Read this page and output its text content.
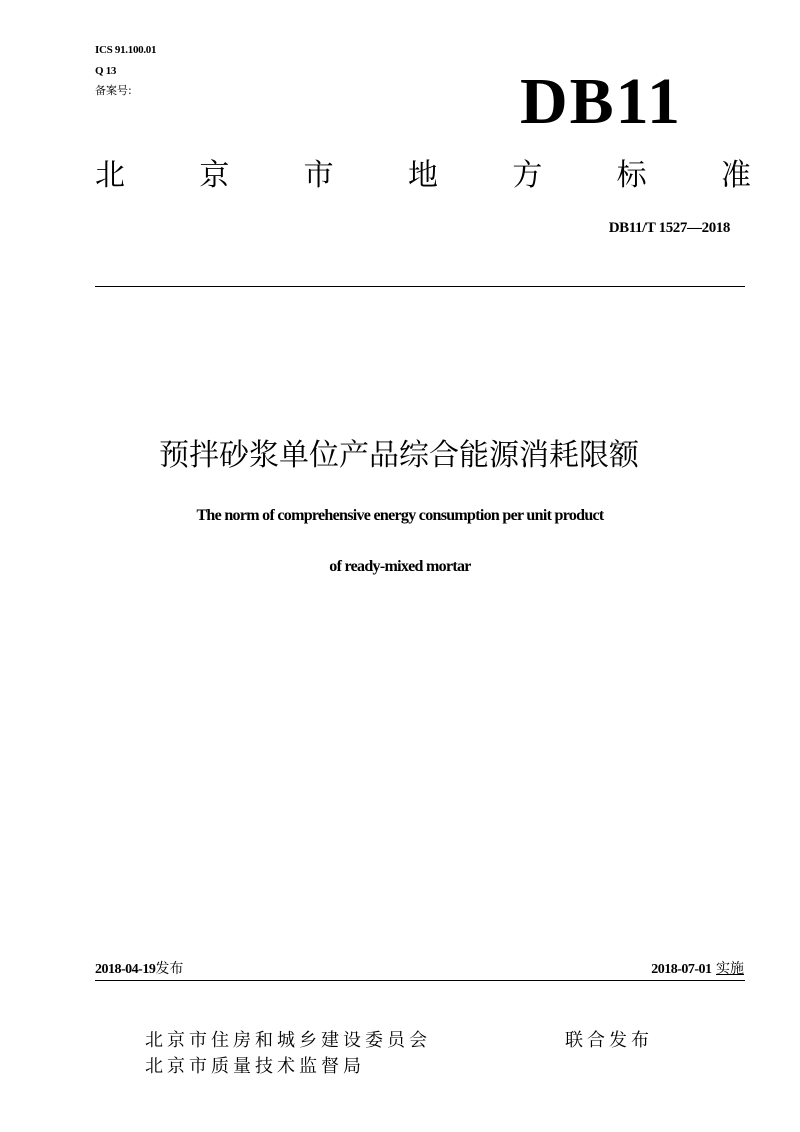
ICS 91.100.01
Q 13
备案号:	DB11
北 京 市 地 方 标 准
DB11/T 1527—2018
预拌砂浆单位产品综合能源消耗限额
The norm of comprehensive energy consumption per unit product
of ready-mixed mortar
2018-04-19发布	2018-07-01 实施
北京市住房和城乡建设委员会
北京市质量技术监督局
联合发布
